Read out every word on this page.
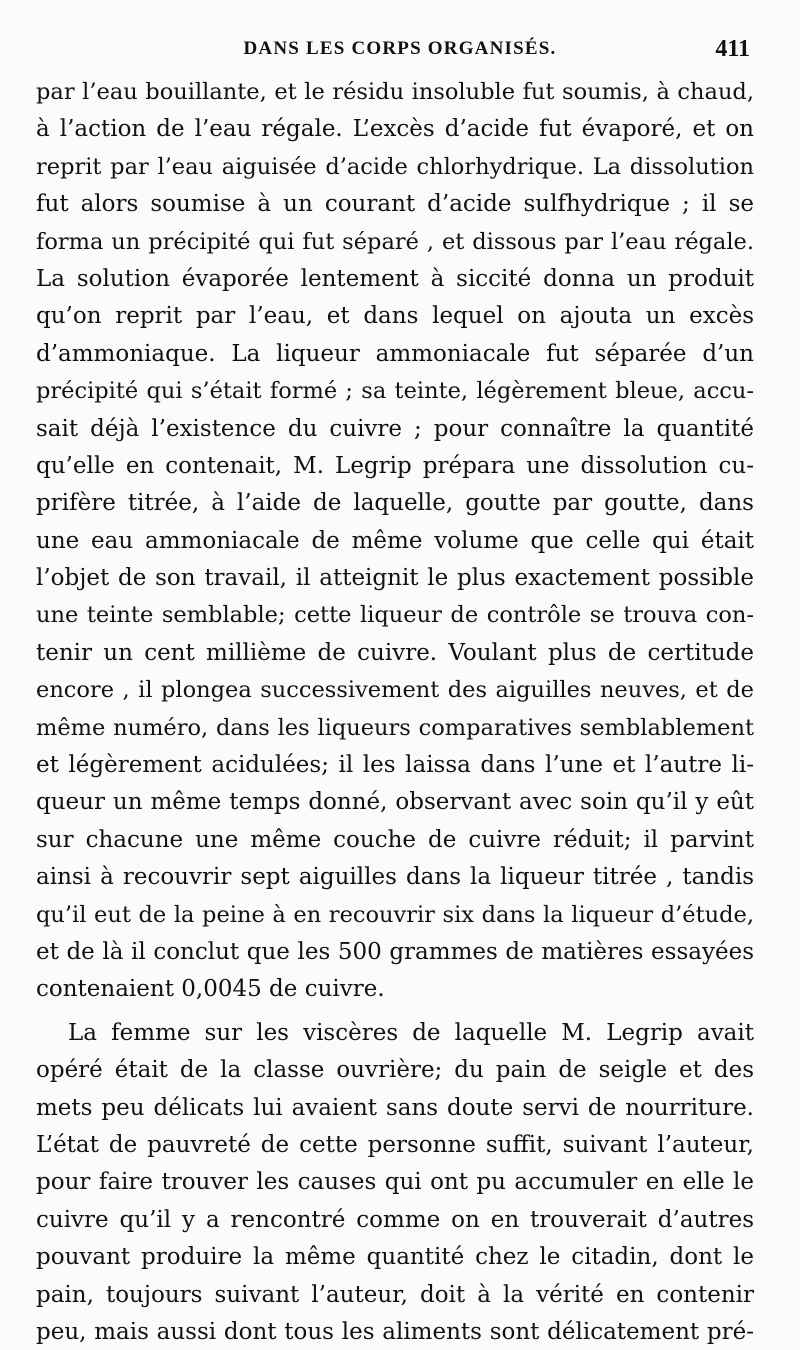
DANS LES CORPS ORGANISÉS.	411
par l’eau bouillante, et le résidu insoluble fut soumis, à chaud,
à l’action de l’eau régale. L’excès d’acide fut évaporé, et on
reprit par l’eau aiguisée d’acide chlorhydrique. La dissolution
fut alors soumise à un courant d’acide sulfhydrique ; il se
forma un précipité qui fut séparé , et dissous par l’eau régale.
La solution évaporée lentement à siccité donna un produit
qu’on reprit par l’eau, et dans lequel on ajouta un excès
d’ammoniaque. La liqueur ammoniacale fut séparée d’un
précipité qui s’était formé ; sa teinte, légèrement bleue, accu-
sait déjà l’existence du cuivre ; pour connaître la quantité
qu’elle en contenait, M. Legrip prépara une dissolution cu-
prifère titrée, à l’aide de laquelle, goutte par goutte, dans
une eau ammoniacale de même volume que celle qui était
l’objet de son travail, il atteignit le plus exactement possible
une teinte semblable; cette liqueur de contrôle se trouva con-
tenir un cent millième de cuivre. Voulant plus de certitude
encore , il plongea successivement des aiguilles neuves, et de
même numéro, dans les liqueurs comparatives semblablement
et légèrement acidulées; il les laissa dans l’une et l’autre li-
queur un même temps donné, observant avec soin qu’il y eût
sur chacune une même couche de cuivre réduit; il parvint
ainsi à recouvrir sept aiguilles dans la liqueur titrée , tandis
qu’il eut de la peine à en recouvrir six dans la liqueur d’étude,
et de là il conclut que les 500 grammes de matières essayées
contenaient 0,0045 de cuivre.
La femme sur les viscères de laquelle M. Legrip avait
opéré était de la classe ouvrière; du pain de seigle et des
mets peu délicats lui avaient sans doute servi de nourriture.
L’état de pauvreté de cette personne suffit, suivant l’auteur,
pour faire trouver les causes qui ont pu accumuler en elle le
cuivre qu’il y a rencontré comme on en trouverait d’autres
pouvant produire la même quantité chez le citadin, dont le
pain, toujours suivant l’auteur, doit à la vérité en contenir
peu, mais aussi dont tous les aliments sont délicatement pré-
